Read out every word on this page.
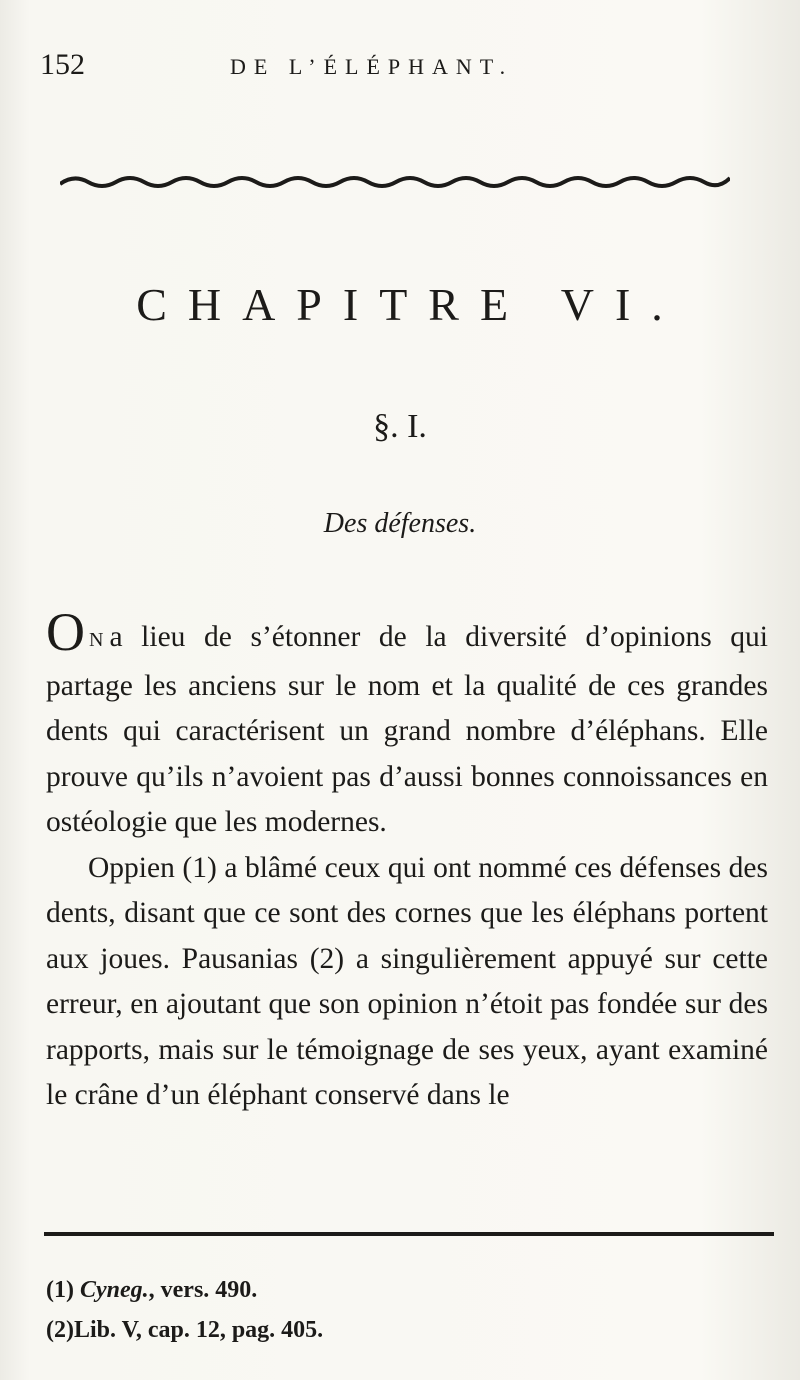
152	DE L’ÉLÉPHANT.
CHAPITRE VI.
§. I.
Des défenses.

O N a lieu de s’étonner de la diversité d’opinions qui partage les anciens sur le nom et la qualité de ces grandes dents qui caractérisent un grand nombre d’éléphans. Elle prouve qu’ils n’avoient pas d’aussi bonnes connoissances en ostéologie que les modernes.

Oppien (1) a blâmé ceux qui ont nommé ces défenses des dents, disant que ce sont des cornes que les éléphans portent aux joues. Pausanias (2) a singulièrement appuyé sur cette erreur, en ajoutant que son opinion n’étoit pas fondée sur des rapports, mais sur le témoignage de ses yeux, ayant examiné le crâne d’un éléphant conservé dans le

(1) Cyneg., vers. 490.
(2)Lib. V, cap. 12, pag. 405.
